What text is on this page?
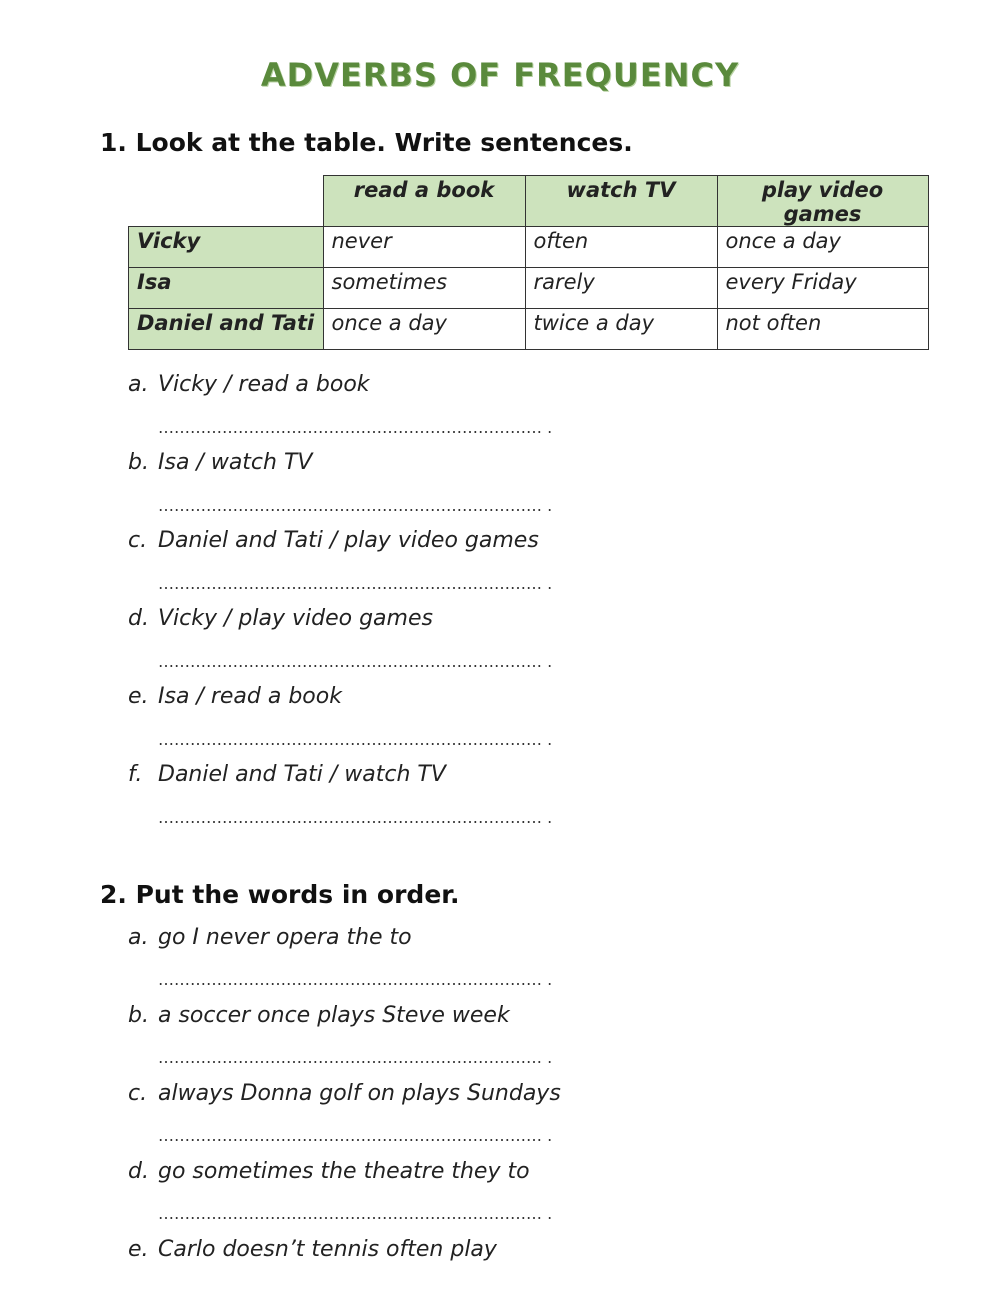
ADVERBS OF FREQUENCY
1. Look at the table. Write sentences.
	read a book	watch TV	play video games
Vicky	never	often	once a day
Isa	sometimes	rarely	every Friday
Daniel and Tati	once a day	twice a day	not often
a. Vicky / read a book
……………………………………………………………… .
b. Isa / watch TV
……………………………………………………………… .
c. Daniel and Tati / play video games
……………………………………………………………… .
d. Vicky / play video games
……………………………………………………………… .
e. Isa / read a book
……………………………………………………………… .
f. Daniel and Tati / watch TV
……………………………………………………………… .
2. Put the words in order.
a. go I never opera the to
……………………………………………………………… .
b. a soccer once plays Steve week
……………………………………………………………… .
c. always Donna golf on plays Sundays
……………………………………………………………… .
d. go sometimes the theatre they to
……………………………………………………………… .
e. Carlo doesn’t tennis often play
